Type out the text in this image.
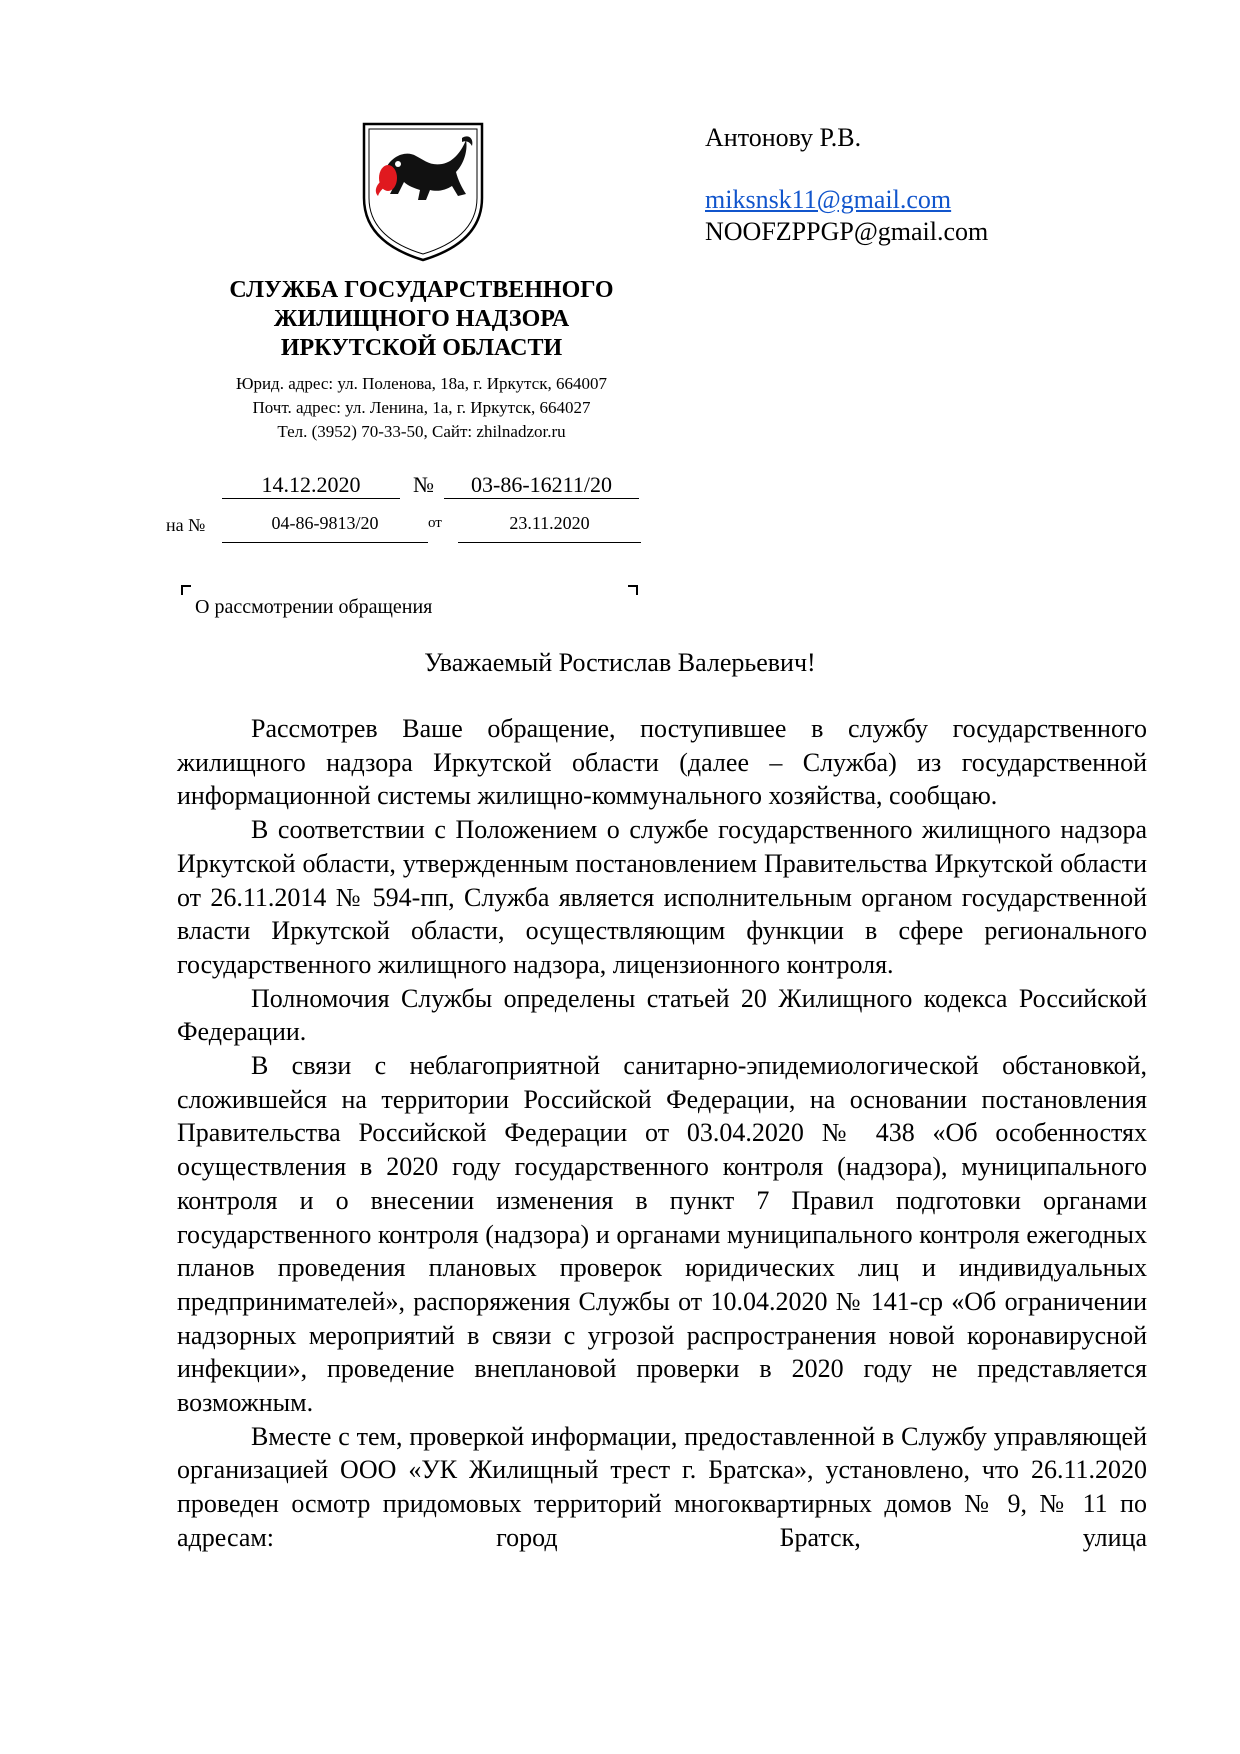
СЛУЖБА ГОСУДАРСТВЕННОГО
ЖИЛИЩНОГО НАДЗОРА
ИРКУТСКОЙ ОБЛАСТИ
Юрид. адрес: ул. Поленова, 18а, г. Иркутск, 664007
Почт. адрес: ул. Ленина, 1а, г. Иркутск, 664027
Тел. (3952) 70-33-50, Сайт: zhilnadzor.ru
Антонову Р.В.
miksnsk11@gmail.com
NOOFZPPGP@gmail.com
14.12.2020	№	03-86-16211/20
на №	04-86-9813/20	от	23.11.2020
О рассмотрении обращения
Уважаемый Ростислав Валерьевич!

Рассмотрев Ваше обращение, поступившее в службу государственного жилищного надзора Иркутской области (далее – Служба) из государственной информационной системы жилищно-коммунального хозяйства, сообщаю.

В соответствии с Положением о службе государственного жилищного надзора Иркутской области, утвержденным постановлением Правительства Иркутской области от 26.11.2014 № 594-пп, Служба является исполнительным органом государственной власти Иркутской области, осуществляющим функции в сфере регионального государственного жилищного надзора, лицензионного контроля.

Полномочия Службы определены статьей 20 Жилищного кодекса Российской Федерации.

В связи с неблагоприятной санитарно-эпидемиологической обстановкой, сложившейся на территории Российской Федерации, на основании постановления Правительства Российской Федерации от 03.04.2020 № 438 «Об особенностях осуществления в 2020 году государственного контроля (надзора), муниципального контроля и о внесении изменения в пункт 7 Правил подготовки органами государственного контроля (надзора) и органами муниципального контроля ежегодных планов проведения плановых проверок юридических лиц и индивидуальных предпринимателей», распоряжения Службы от 10.04.2020 № 141-ср «Об ограничении надзорных мероприятий в связи с угрозой распространения новой коронавирусной инфекции», проведение внеплановой проверки в 2020 году не представляется возможным.

Вместе с тем, проверкой информации, предоставленной в Службу управляющей организацией ООО «УК Жилищный трест г. Братска», установлено, что 26.11.2020 проведен осмотр придомовых территорий многоквартирных домов № 9, № 11 по адресам: город Братск, улица
